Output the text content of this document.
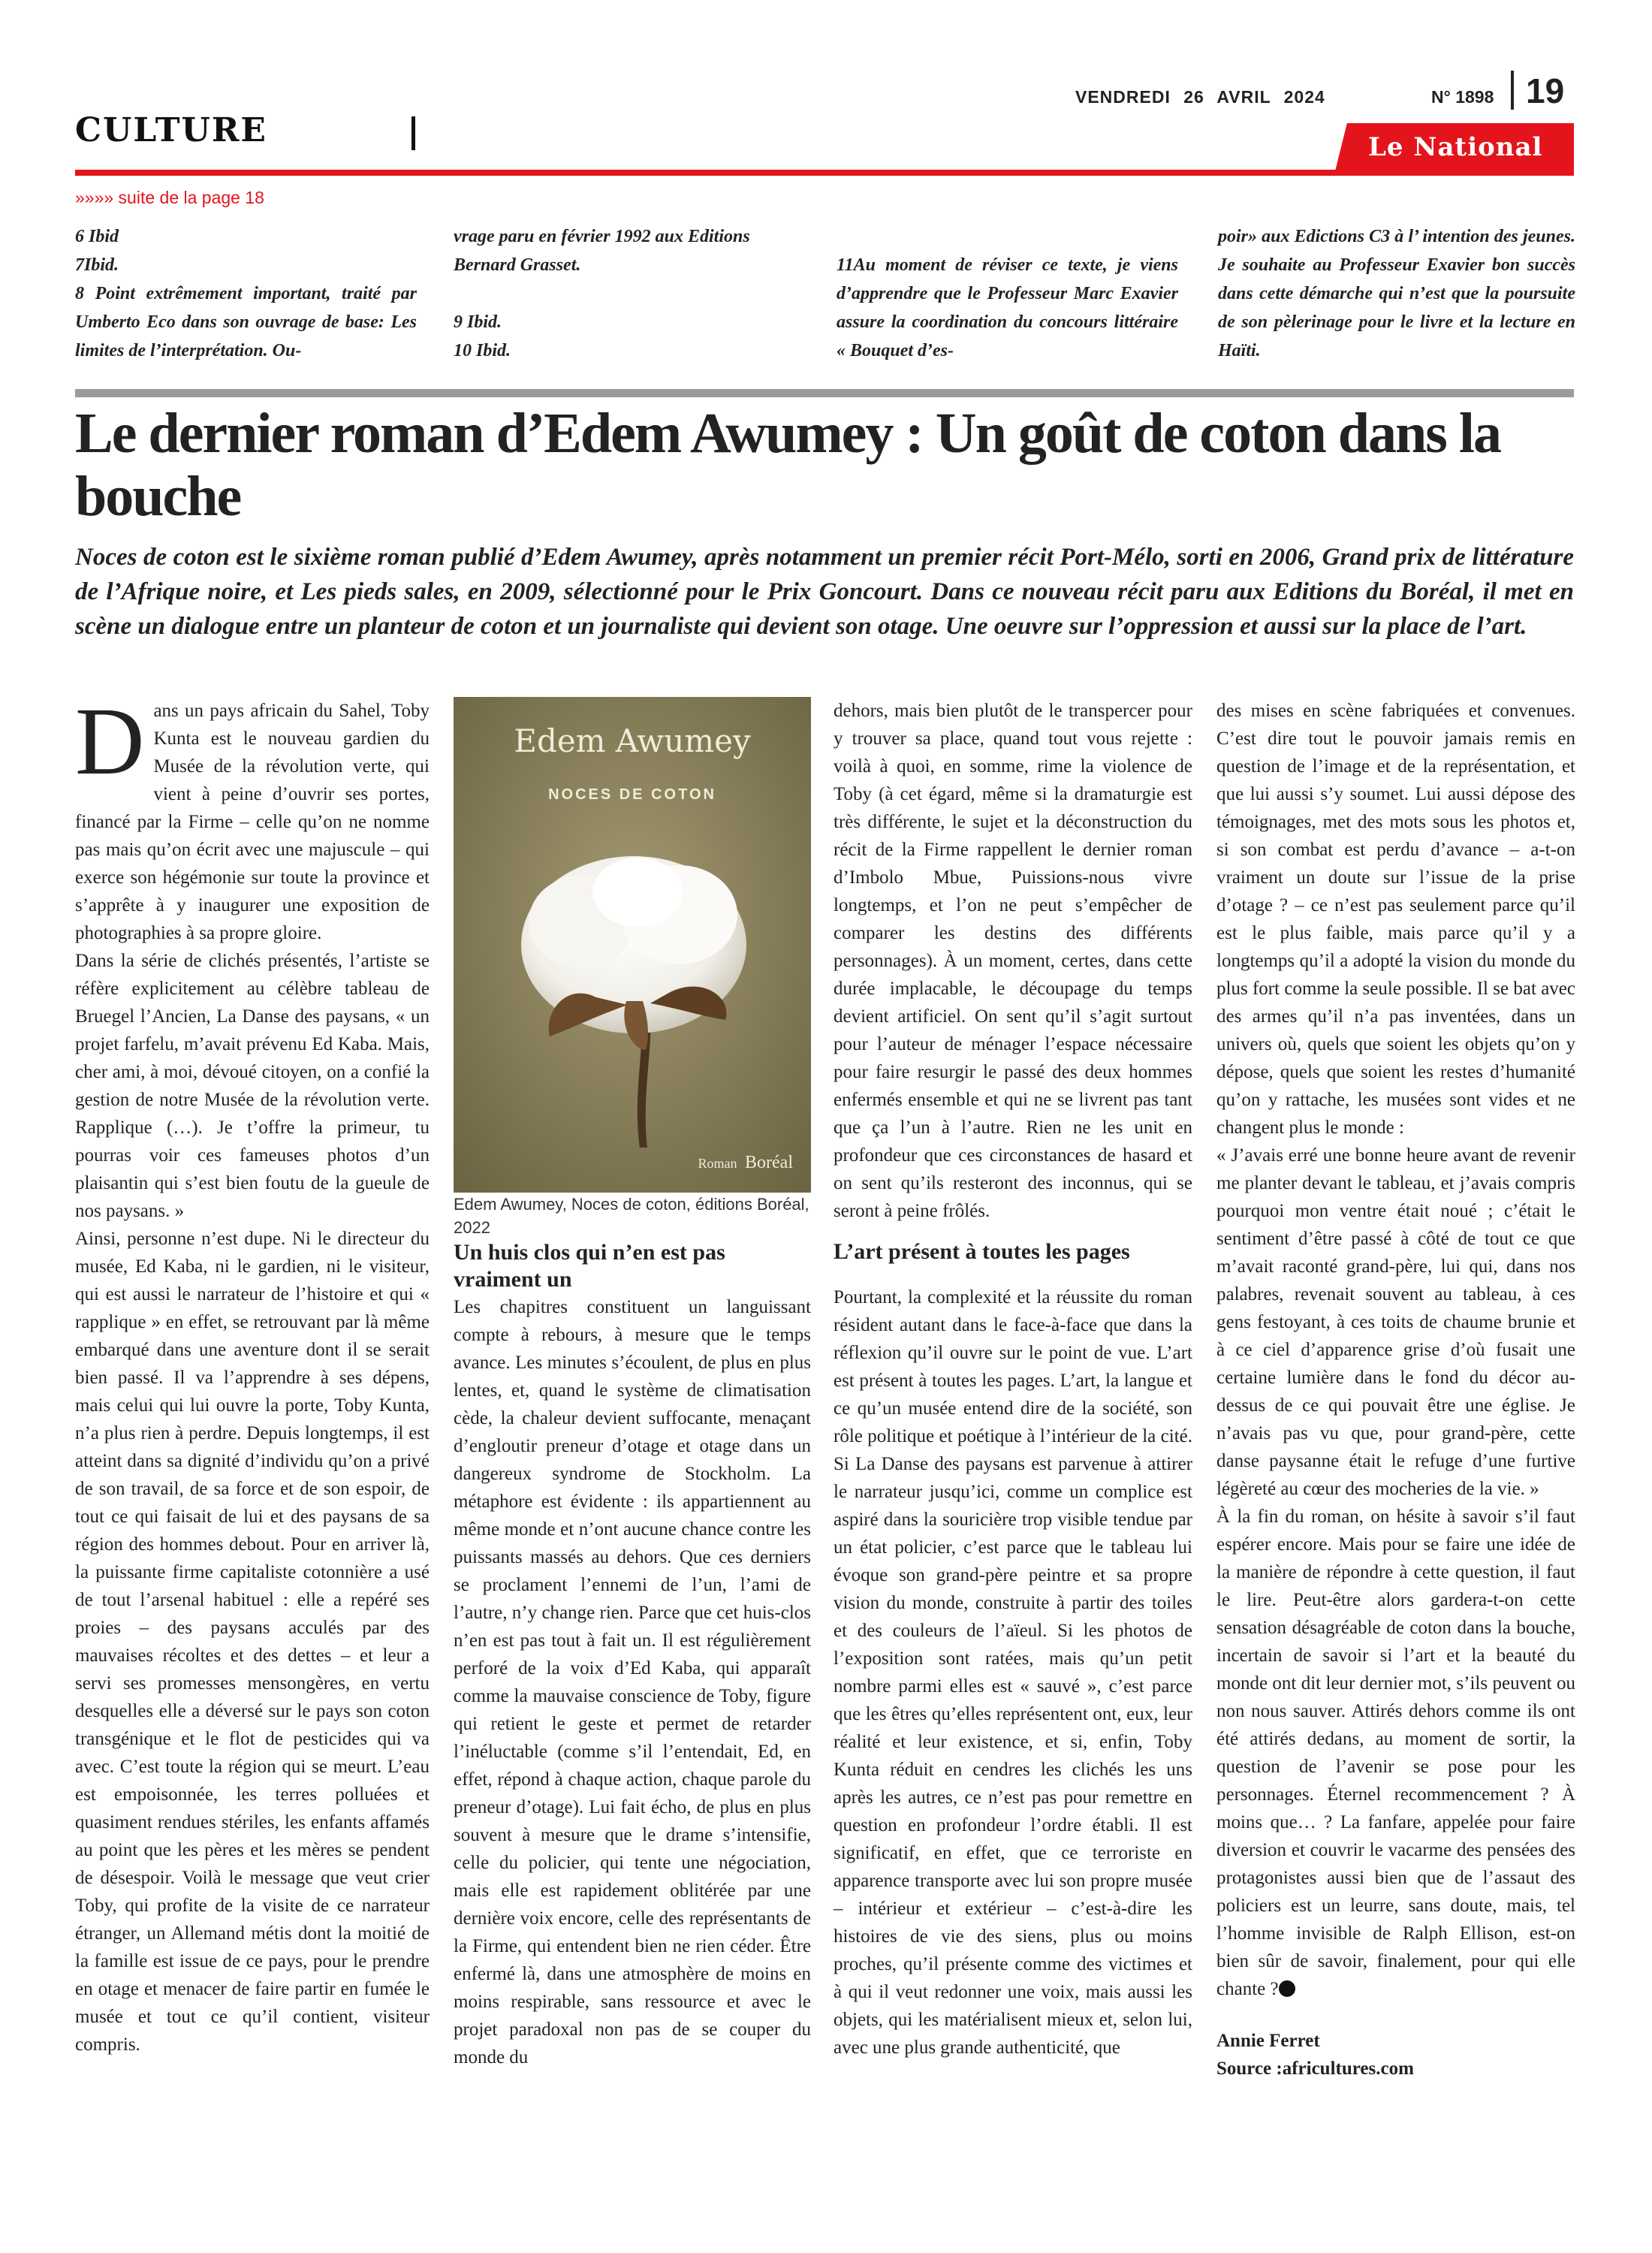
CULTURE
VENDREDI 26 AVRIL 2024	N° 1898 19
Le National
»»»» suite de la page 18

6 Ibid

7Ibid.

8 Point extrêmement important, traité par Umberto Eco dans son ouvrage de base: Les limites de l’interprétation. Ou-

vrage paru en février 1992 aux Editions Bernard Grasset.

9 Ibid.

10 Ibid.

11Au moment de réviser ce texte, je viens d’apprendre que le Professeur Marc Exavier assure la coordination du concours littéraire « Bouquet d’es-

poir» aux Edictions C3 à l’ intention des jeunes. Je souhaite au Professeur Exavier bon succès dans cette démarche qui n’est que la poursuite de son pèlerinage pour le livre et la lecture en Haïti.

Le dernier roman d’Edem Awumey : Un goût de coton dans la bouche

Noces de coton est le sixième roman publié d’Edem Awumey, après notamment un premier récit Port-Mélo, sorti en 2006, Grand prix de littérature de l’Afrique noire, et Les pieds sales, en 2009, sélectionné pour le Prix Goncourt. Dans ce nouveau récit paru aux Editions du Boréal, il met en scène un dialogue entre un planteur de coton et un journaliste qui devient son otage. Une oeuvre sur l’oppression et aussi sur la place de l’art.

Dans un pays africain du Sahel, Toby Kunta est le nouveau gardien du Musée de la révolution verte, qui vient à peine d’ouvrir ses portes, financé par la Firme – celle qu’on ne nomme pas mais qu’on écrit avec une majuscule – qui exerce son hégémonie sur toute la province et s’apprête à y inaugurer une exposition de photographies à sa propre gloire.

Dans la série de clichés présentés, l’artiste se réfère explicitement au célèbre tableau de Bruegel l’Ancien, La Danse des paysans, « un projet farfelu, m’avait prévenu Ed Kaba. Mais, cher ami, à moi, dévoué citoyen, on a confié la gestion de notre Musée de la révolution verte. Rapplique (…). Je t’offre la primeur, tu pourras voir ces fameuses photos d’un plaisantin qui s’est bien foutu de la gueule de nos paysans. »

Ainsi, personne n’est dupe. Ni le directeur du musée, Ed Kaba, ni le gardien, ni le visiteur, qui est aussi le narrateur de l’histoire et qui « rapplique » en effet, se retrouvant par là même embarqué dans une aventure dont il se serait bien passé. Il va l’apprendre à ses dépens, mais celui qui lui ouvre la porte, Toby Kunta, n’a plus rien à perdre. Depuis longtemps, il est atteint dans sa dignité d’individu qu’on a privé de son travail, de sa force et de son espoir, de tout ce qui faisait de lui et des paysans de sa région des hommes debout. Pour en arriver là, la puissante firme capitaliste cotonnière a usé de tout l’arsenal habituel : elle a repéré ses proies – des paysans acculés par des mauvaises récoltes et des dettes – et leur a servi ses promesses mensongères, en vertu desquelles elle a déversé sur le pays son coton transgénique et le flot de pesticides qui va avec. C’est toute la région qui se meurt. L’eau est empoisonnée, les terres polluées et quasiment rendues stériles, les enfants affamés au point que les pères et les mères se pendent de désespoir. Voilà le message que veut crier Toby, qui profite de la visite de ce narrateur étranger, un Allemand métis dont la moitié de la famille est issue de ce pays, pour le prendre en otage et menacer de faire partir en fumée le musée et tout ce qu’il contient, visiteur compris.

Edem Awumey
NOCES DE COTON
Roman Boréal

Edem Awumey, Noces de coton, éditions Boréal, 2022

Un huis clos qui n’en est pas vraiment un

Les chapitres constituent un languissant compte à rebours, à mesure que le temps avance. Les minutes s’écoulent, de plus en plus lentes, et, quand le système de climatisation cède, la chaleur devient suffocante, menaçant d’engloutir preneur d’otage et otage dans un dangereux syndrome de Stockholm. La métaphore est évidente : ils appartiennent au même monde et n’ont aucune chance contre les puissants massés au dehors. Que ces derniers se proclament l’ennemi de l’un, l’ami de l’autre, n’y change rien. Parce que cet huis-clos n’en est pas tout à fait un. Il est régulièrement perforé de la voix d’Ed Kaba, qui apparaît comme la mauvaise conscience de Toby, figure qui retient le geste et permet de retarder l’inéluctable (comme s’il l’entendait, Ed, en effet, répond à chaque action, chaque parole du preneur d’otage). Lui fait écho, de plus en plus souvent à mesure que le drame s’intensifie, celle du policier, qui tente une négociation, mais elle est rapidement oblitérée par une dernière voix encore, celle des représentants de la Firme, qui entendent bien ne rien céder. Être enfermé là, dans une atmosphère de moins en moins respirable, sans ressource et avec le projet paradoxal non pas de se couper du monde du

dehors, mais bien plutôt de le transpercer pour y trouver sa place, quand tout vous rejette : voilà à quoi, en somme, rime la violence de Toby (à cet égard, même si la dramaturgie est très différente, le sujet et la déconstruction du récit de la Firme rappellent le dernier roman d’Imbolo Mbue, Puissions-nous vivre longtemps, et l’on ne peut s’empêcher de comparer les destins des différents personnages). À un moment, certes, dans cette durée implacable, le découpage du temps devient artificiel. On sent qu’il s’agit surtout pour l’auteur de ménager l’espace nécessaire pour faire resurgir le passé des deux hommes enfermés ensemble et qui ne se livrent pas tant que ça l’un à l’autre. Rien ne les unit en profondeur que ces circonstances de hasard et on sent qu’ils resteront des inconnus, qui se seront à peine frôlés.

L’art présent à toutes les pages

Pourtant, la complexité et la réussite du roman résident autant dans le face-à-face que dans la réflexion qu’il ouvre sur le point de vue. L’art est présent à toutes les pages. L’art, la langue et ce qu’un musée entend dire de la société, son rôle politique et poétique à l’intérieur de la cité. Si La Danse des paysans est parvenue à attirer le narrateur jusqu’ici, comme un complice est aspiré dans la souricière trop visible tendue par un état policier, c’est parce que le tableau lui évoque son grand-père peintre et sa propre vision du monde, construite à partir des toiles et des couleurs de l’aïeul. Si les photos de l’exposition sont ratées, mais qu’un petit nombre parmi elles est « sauvé », c’est parce que les êtres qu’elles représentent ont, eux, leur réalité et leur existence, et si, enfin, Toby Kunta réduit en cendres les clichés les uns après les autres, ce n’est pas pour remettre en question en profondeur l’ordre établi. Il est significatif, en effet, que ce terroriste en apparence transporte avec lui son propre musée – intérieur et extérieur – c’est-à-dire les histoires de vie des siens, plus ou moins proches, qu’il présente comme des victimes et à qui il veut redonner une voix, mais aussi les objets, qui les matérialisent mieux et, selon lui, avec une plus grande authenticité, que

des mises en scène fabriquées et convenues. C’est dire tout le pouvoir jamais remis en question de l’image et de la représentation, et que lui aussi s’y soumet. Lui aussi dépose des témoignages, met des mots sous les photos et, si son combat est perdu d’avance – a-t-on vraiment un doute sur l’issue de la prise d’otage ? – ce n’est pas seulement parce qu’il est le plus faible, mais parce qu’il y a longtemps qu’il a adopté la vision du monde du plus fort comme la seule possible. Il se bat avec des armes qu’il n’a pas inventées, dans un univers où, quels que soient les objets qu’on y dépose, quels que soient les restes d’humanité qu’on y rattache, les musées sont vides et ne changent plus le monde :

« J’avais erré une bonne heure avant de revenir me planter devant le tableau, et j’avais compris pourquoi mon ventre était noué ; c’était le sentiment d’être passé à côté de tout ce que m’avait raconté grand-père, lui qui, dans nos palabres, revenait souvent au tableau, à ces gens festoyant, à ces toits de chaume brunie et à ce ciel d’apparence grise d’où fusait une certaine lumière dans le fond du décor au-dessus de ce qui pouvait être une église. Je n’avais pas vu que, pour grand-père, cette danse paysanne était le refuge d’une furtive légèreté au cœur des mocheries de la vie. »

À la fin du roman, on hésite à savoir s’il faut espérer encore. Mais pour se faire une idée de la manière de répondre à cette question, il faut le lire. Peut-être alors gardera-t-on cette sensation désagréable de coton dans la bouche, incertain de savoir si l’art et la beauté du monde ont dit leur dernier mot, s’ils peuvent ou non nous sauver. Attirés dehors comme ils ont été attirés dedans, au moment de sortir, la question de l’avenir se pose pour les personnages. Éternel recommencement ? À moins que… ? La fanfare, appelée pour faire diversion et couvrir le vacarme des pensées des protagonistes aussi bien que de l’assaut des policiers est un leurre, sans doute, mais, tel l’homme invisible de Ralph Ellison, est-on bien sûr de savoir, finalement, pour qui elle chante ?

Annie Ferret

Source :africultures.com
